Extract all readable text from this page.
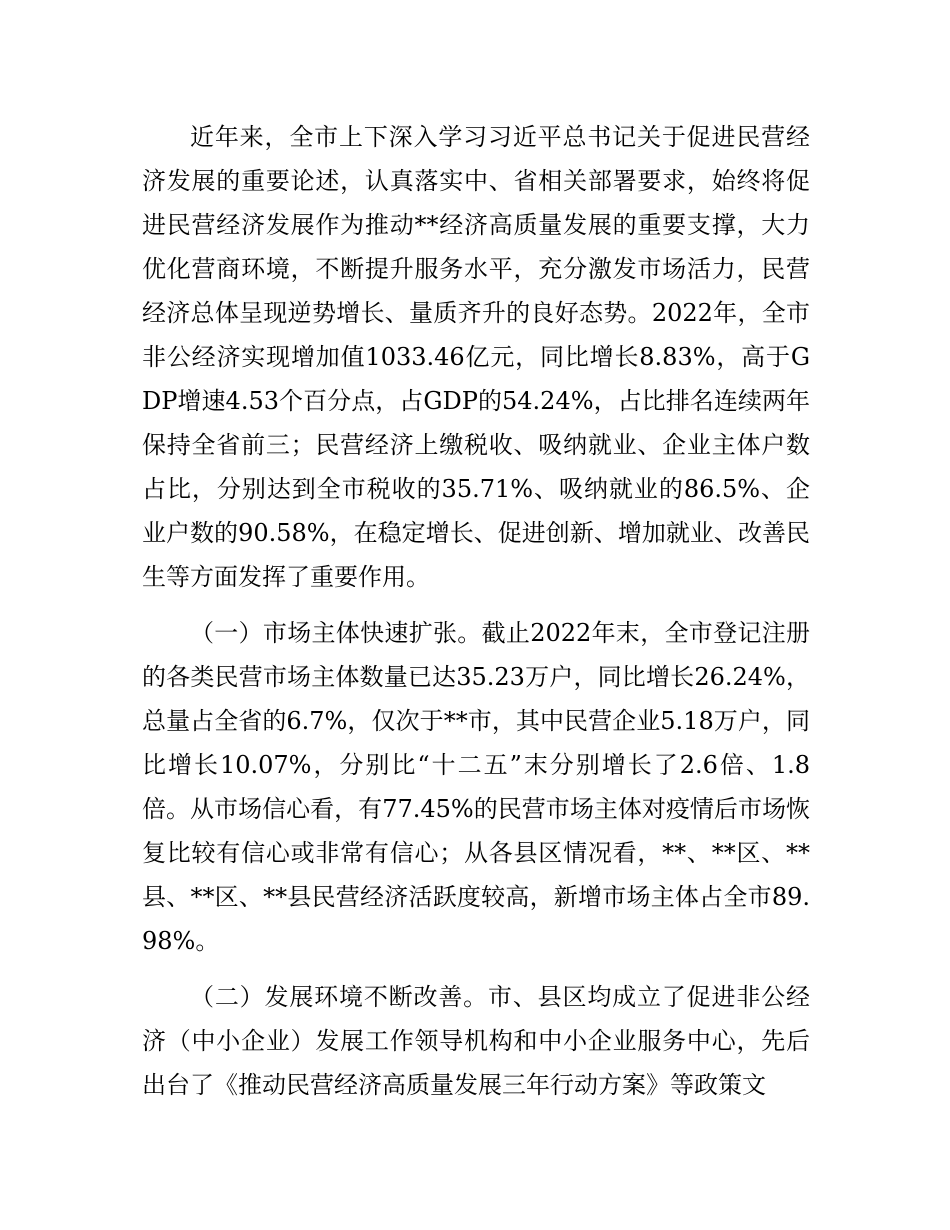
近年来，全市上下深入学习习近平总书记关于促进民营经济发展的重要论述，认真落实中、省相关部署要求，始终将促进民营经济发展作为推动**经济高质量发展的重要支撑，大力优化营商环境，不断提升服务水平，充分激发市场活力，民营经济总体呈现逆势增长、量质齐升的良好态势。2022年，全市非公经济实现增加值1033.46亿元，同比增长8.83%，高于GDP增速4.53个百分点，占GDP的54.24%，占比排名连续两年保持全省前三；民营经济上缴税收、吸纳就业、企业主体户数占比，分别达到全市税收的35.71%、吸纳就业的86.5%、企业户数的90.58%，在稳定增长、促进创新、增加就业、改善民生等方面发挥了重要作用。

（一）市场主体快速扩张。截止2022年末，全市登记注册的各类民营市场主体数量已达35.23万户，同比增长26.24%，总量占全省的6.7%，仅次于**市，其中民营企业5.18万户，同比增长10.07%，分别比“十二五”末分别增长了2.6倍、1.8倍。从市场信心看，有77.45%的民营市场主体对疫情后市场恢复比较有信心或非常有信心；从各县区情况看，**、**区、**县、**区、**县民营经济活跃度较高，新增市场主体占全市89.98%。

（二）发展环境不断改善。市、县区均成立了促进非公经济（中小企业）发展工作领导机构和中小企业服务中心，先后出台了《推动民营经济高质量发展三年行动方案》等政策文
